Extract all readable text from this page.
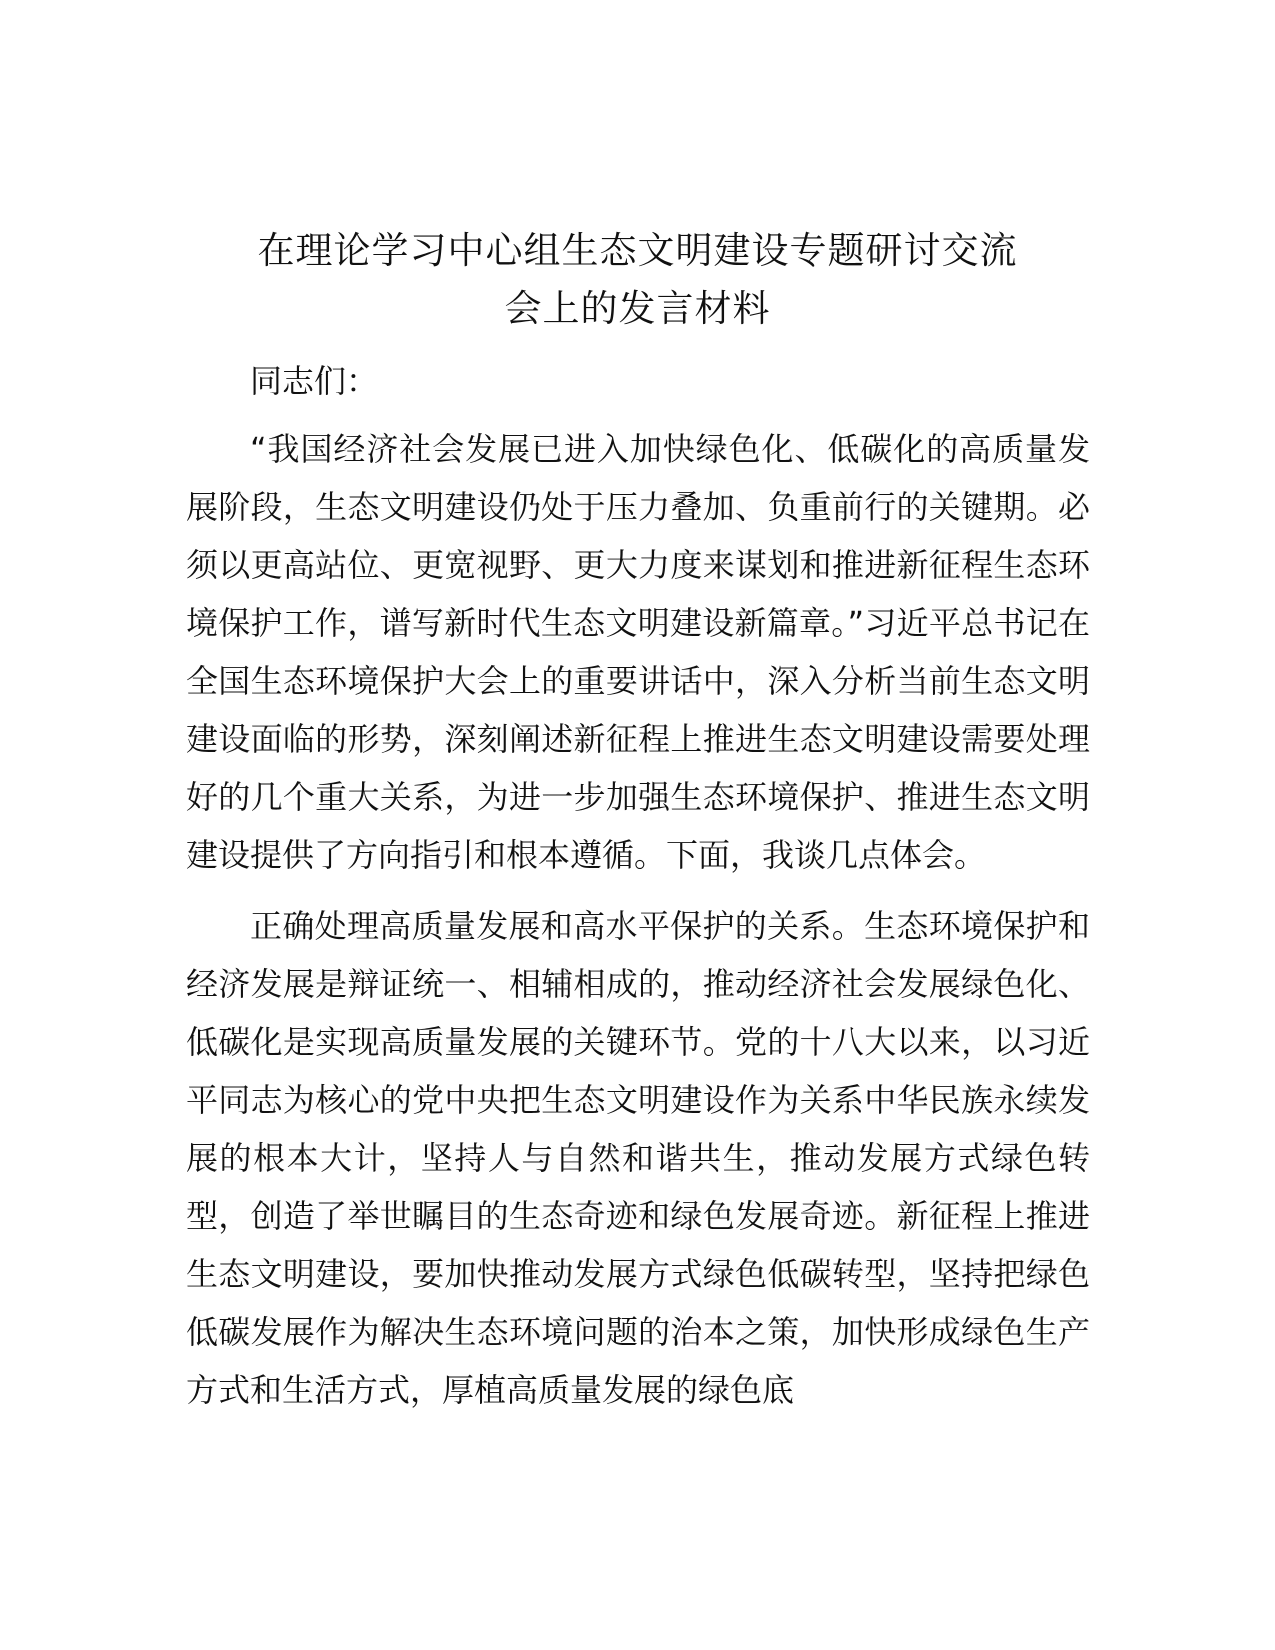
在理论学习中心组生态文明建设专题研讨交流
会上的发言材料

同志们：

“我国经济社会发展已进入加快绿色化、低碳化的高质量发展阶段，生态文明建设仍处于压力叠加、负重前行的关键期。必须以更高站位、更宽视野、更大力度来谋划和推进新征程生态环境保护工作，谱写新时代生态文明建设新篇章。”习近平总书记在全国生态环境保护大会上的重要讲话中，深入分析当前生态文明建设面临的形势，深刻阐述新征程上推进生态文明建设需要处理好的几个重大关系，为进一步加强生态环境保护、推进生态文明建设提供了方向指引和根本遵循。下面，我谈几点体会。

正确处理高质量发展和高水平保护的关系。生态环境保护和经济发展是辩证统一、相辅相成的，推动经济社会发展绿色化、低碳化是实现高质量发展的关键环节。党的十八大以来，以习近平同志为核心的党中央把生态文明建设作为关系中华民族永续发展的根本大计，坚持人与自然和谐共生，推动发展方式绿色转型，创造了举世瞩目的生态奇迹和绿色发展奇迹。新征程上推进生态文明建设，要加快推动发展方式绿色低碳转型，坚持把绿色低碳发展作为解决生态环境问题的治本之策，加快形成绿色生产方式和生活方式，厚植高质量发展的绿色底
